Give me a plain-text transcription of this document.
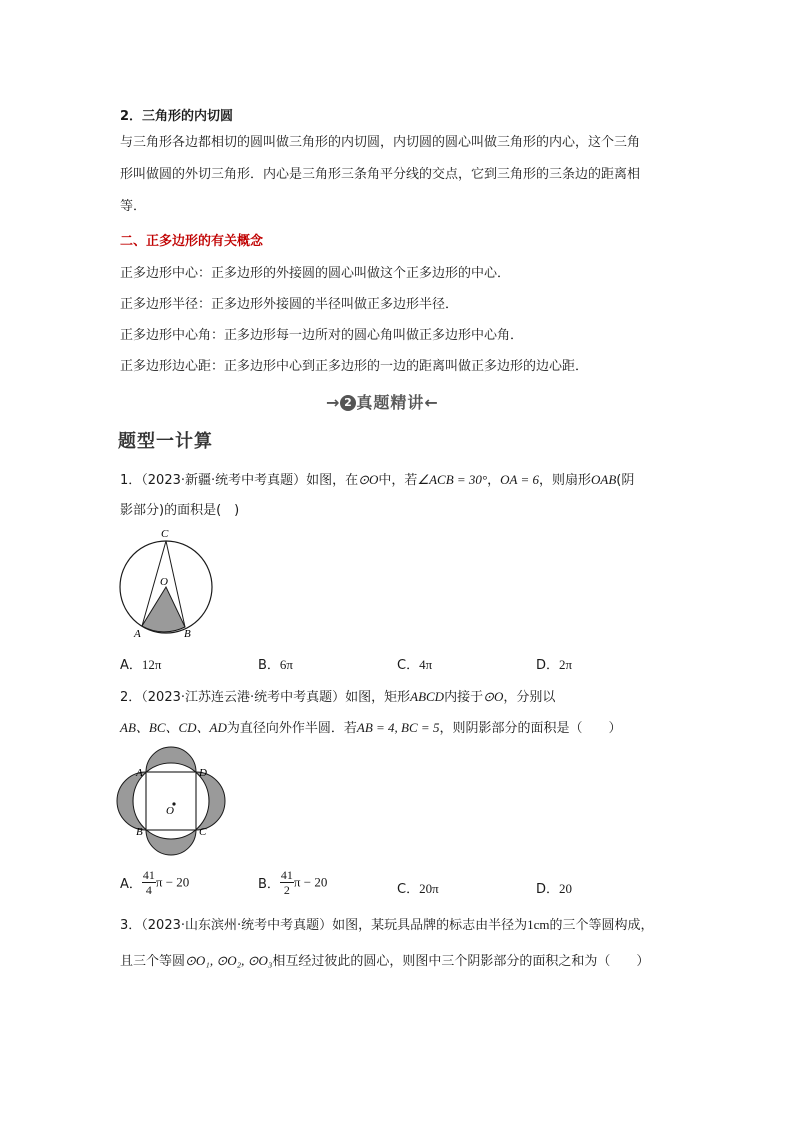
2．三角形的内切圆
与三角形各边都相切的圆叫做三角形的内切圆，内切圆的圆心叫做三角形的内心，这个三角
形叫做圆的外切三角形．内心是三角形三条角平分线的交点，它到三角形的三条边的距离相
等．
二、正多边形的有关概念
正多边形中心：正多边形的外接圆的圆心叫做这个正多边形的中心．
正多边形半径：正多边形外接圆的半径叫做正多边形半径．
正多边形中心角：正多边形每一边所对的圆心角叫做正多边形中心角．
正多边形边心距：正多边形中心到正多边形的一边的距离叫做正多边形的边心距．
→ 2 真题精讲←
题型一计算
1．（2023·新疆·统考中考真题）如图，在⊙O中，若∠ACB = 30°，OA = 6，则扇形OAB(阴
影部分)的面积是(　)
C
O
A	B
A．12π	B．6π	C．4π	D．2π
2．（2023·江苏连云港·统考中考真题）如图，矩形ABCD内接于⊙O，分别以
AB、BC、CD、AD为直径向外作半圆．若AB = 4, BC = 5，则阴影部分的面积是（　　）
A	D
B	C
O
A． $\frac{41}{4}$ π − 20	B． $\frac{41}{2}$ π − 20	C．20π	D．20
3．（2023·山东滨州·统考中考真题）如图，某玩具品牌的标志由半径为1cm的三个等圆构成，
且三个等圆⊙O₁, ⊙O₂, ⊙O₃相互经过彼此的圆心，则图中三个阴影部分的面积之和为（　　）
